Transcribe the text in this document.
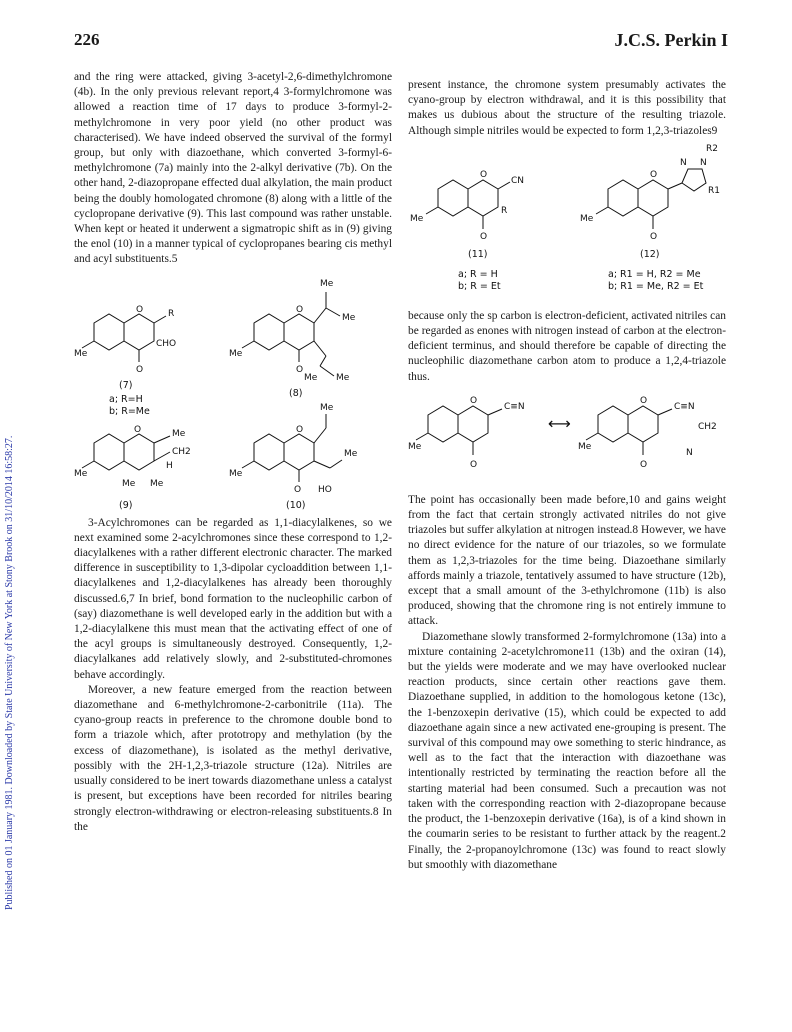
226	J.C.S. Perkin I
Published on 01 January 1981. Downloaded by State University of New York at Stony Brook on 31/10/2014 16:58:27.

and the ring were attacked, giving 3-acetyl-2,6-dimethylchromone (4b). In the only previous relevant report,4 3-formylchromone was allowed a reaction time of 17 days to produce 3-formyl-2-methylchromone in very poor yield (no other product was characterised). We have indeed observed the survival of the formyl group, but only with diazoethane, which converted 3-formyl-6-methylchromone (7a) mainly into the 2-alkyl derivative (7b). On the other hand, 2-diazopropane effected dual alkylation, the main product being the doubly homologated chromone (8) along with a little of the cyclopropane derivative (9). This last compound was rather unstable. When kept or heated it underwent a sigmatropic shift as in (9) giving the enol (10) in a manner typical of cyclopropanes bearing cis methyl and acyl substituents.5

O	R
CHO
Me
O
(7)
a; R=H
b; R=Me
O
Me
Me
Me
O
Me Me
(8)
O	Me
CH2
H
Me
Me Me
(9)
O
Me
Me
Me
O HO
(10)

3-Acylchromones can be regarded as 1,1-diacylalkenes, so we next examined some 2-acylchromones since these correspond to 1,2-diacylalkenes with a rather different electronic character. The marked difference in susceptibility to 1,3-dipolar cycloaddition between 1,1-diacylalkenes and 1,2-diacylalkenes has already been thoroughly discussed.6,7 In brief, bond formation to the nucleophilic carbon of (say) diazomethane is well developed early in the addition but with a 1,2-diacylalkene this must mean that the activating effect of one of the acyl groups is simultaneously destroyed. Consequently, 1,2-diacylalkanes add relatively slowly, and 2-substituted-chromones behave accordingly.

Moreover, a new feature emerged from the reaction between diazomethane and 6-methylchromone-2-carbonitrile (11a). The cyano-group reacts in preference to the chromone double bond to form a triazole which, after prototropy and methylation (by the excess of diazomethane), is isolated as the methyl derivative, possibly with the 2H-1,2,3-triazole structure (12a). Nitriles are usually considered to be inert towards diazomethane unless a catalyst is present, but exceptions have been recorded for nitriles bearing strongly electron-withdrawing or electron-releasing substituents.8 In the

present instance, the chromone system presumably activates the cyano-group by electron withdrawal, and it is this possibility that makes us dubious about the structure of the resulting triazole. Although simple nitriles would be expected to form 1,2,3-triazoles9

O
CN
R
Me
O
(11)
a; R = H
b; R = Et
O
N N
R2
R1
Me
O
(12)
a; R1 = H, R2 = Me
b; R1 = Me, R2 = Et

because only the sp carbon is electron-deficient, activated nitriles can be regarded as enones with nitrogen instead of carbon at the electron-deficient terminus, and should therefore be capable of directing the nucleophilic diazomethane carbon atom to produce a 1,2,4-triazole thus.

O
C≡N
Me
O
⟷
O
C≡N
CH2
N
Me
O

The point has occasionally been made before,10 and gains weight from the fact that certain strongly activated nitriles do not give triazoles but suffer alkylation at nitrogen instead.8 However, we have no direct evidence for the nature of our triazoles, so we formulate them as 1,2,3-triazoles for the time being. Diazoethane similarly affords mainly a triazole, tentatively assumed to have structure (12b), except that a small amount of the 3-ethylchromone (11b) is also produced, showing that the chromone ring is not entirely immune to attack.

Diazomethane slowly transformed 2-formylchromone (13a) into a mixture containing 2-acetylchromone11 (13b) and the oxiran (14), but the yields were moderate and we may have overlooked nuclear reaction products, since certain other reactions gave them. Diazoethane supplied, in addition to the homologous ketone (13c), the 1-benzoxepin derivative (15), which could be expected to add diazoethane again since a new activated ene-grouping is present. The survival of this compound may owe something to steric hindrance, as well as to the fact that the interaction with diazoethane was intentionally restricted by terminating the reaction before all the starting material had been consumed. Such a precaution was not taken with the corresponding reaction with 2-diazopropane because the product, the 1-benzoxepin derivative (16a), is of a kind shown in the coumarin series to be resistant to further attack by the reagent.2 Finally, the 2-propanoylchromone (13c) was found to react slowly but smoothly with diazomethane
